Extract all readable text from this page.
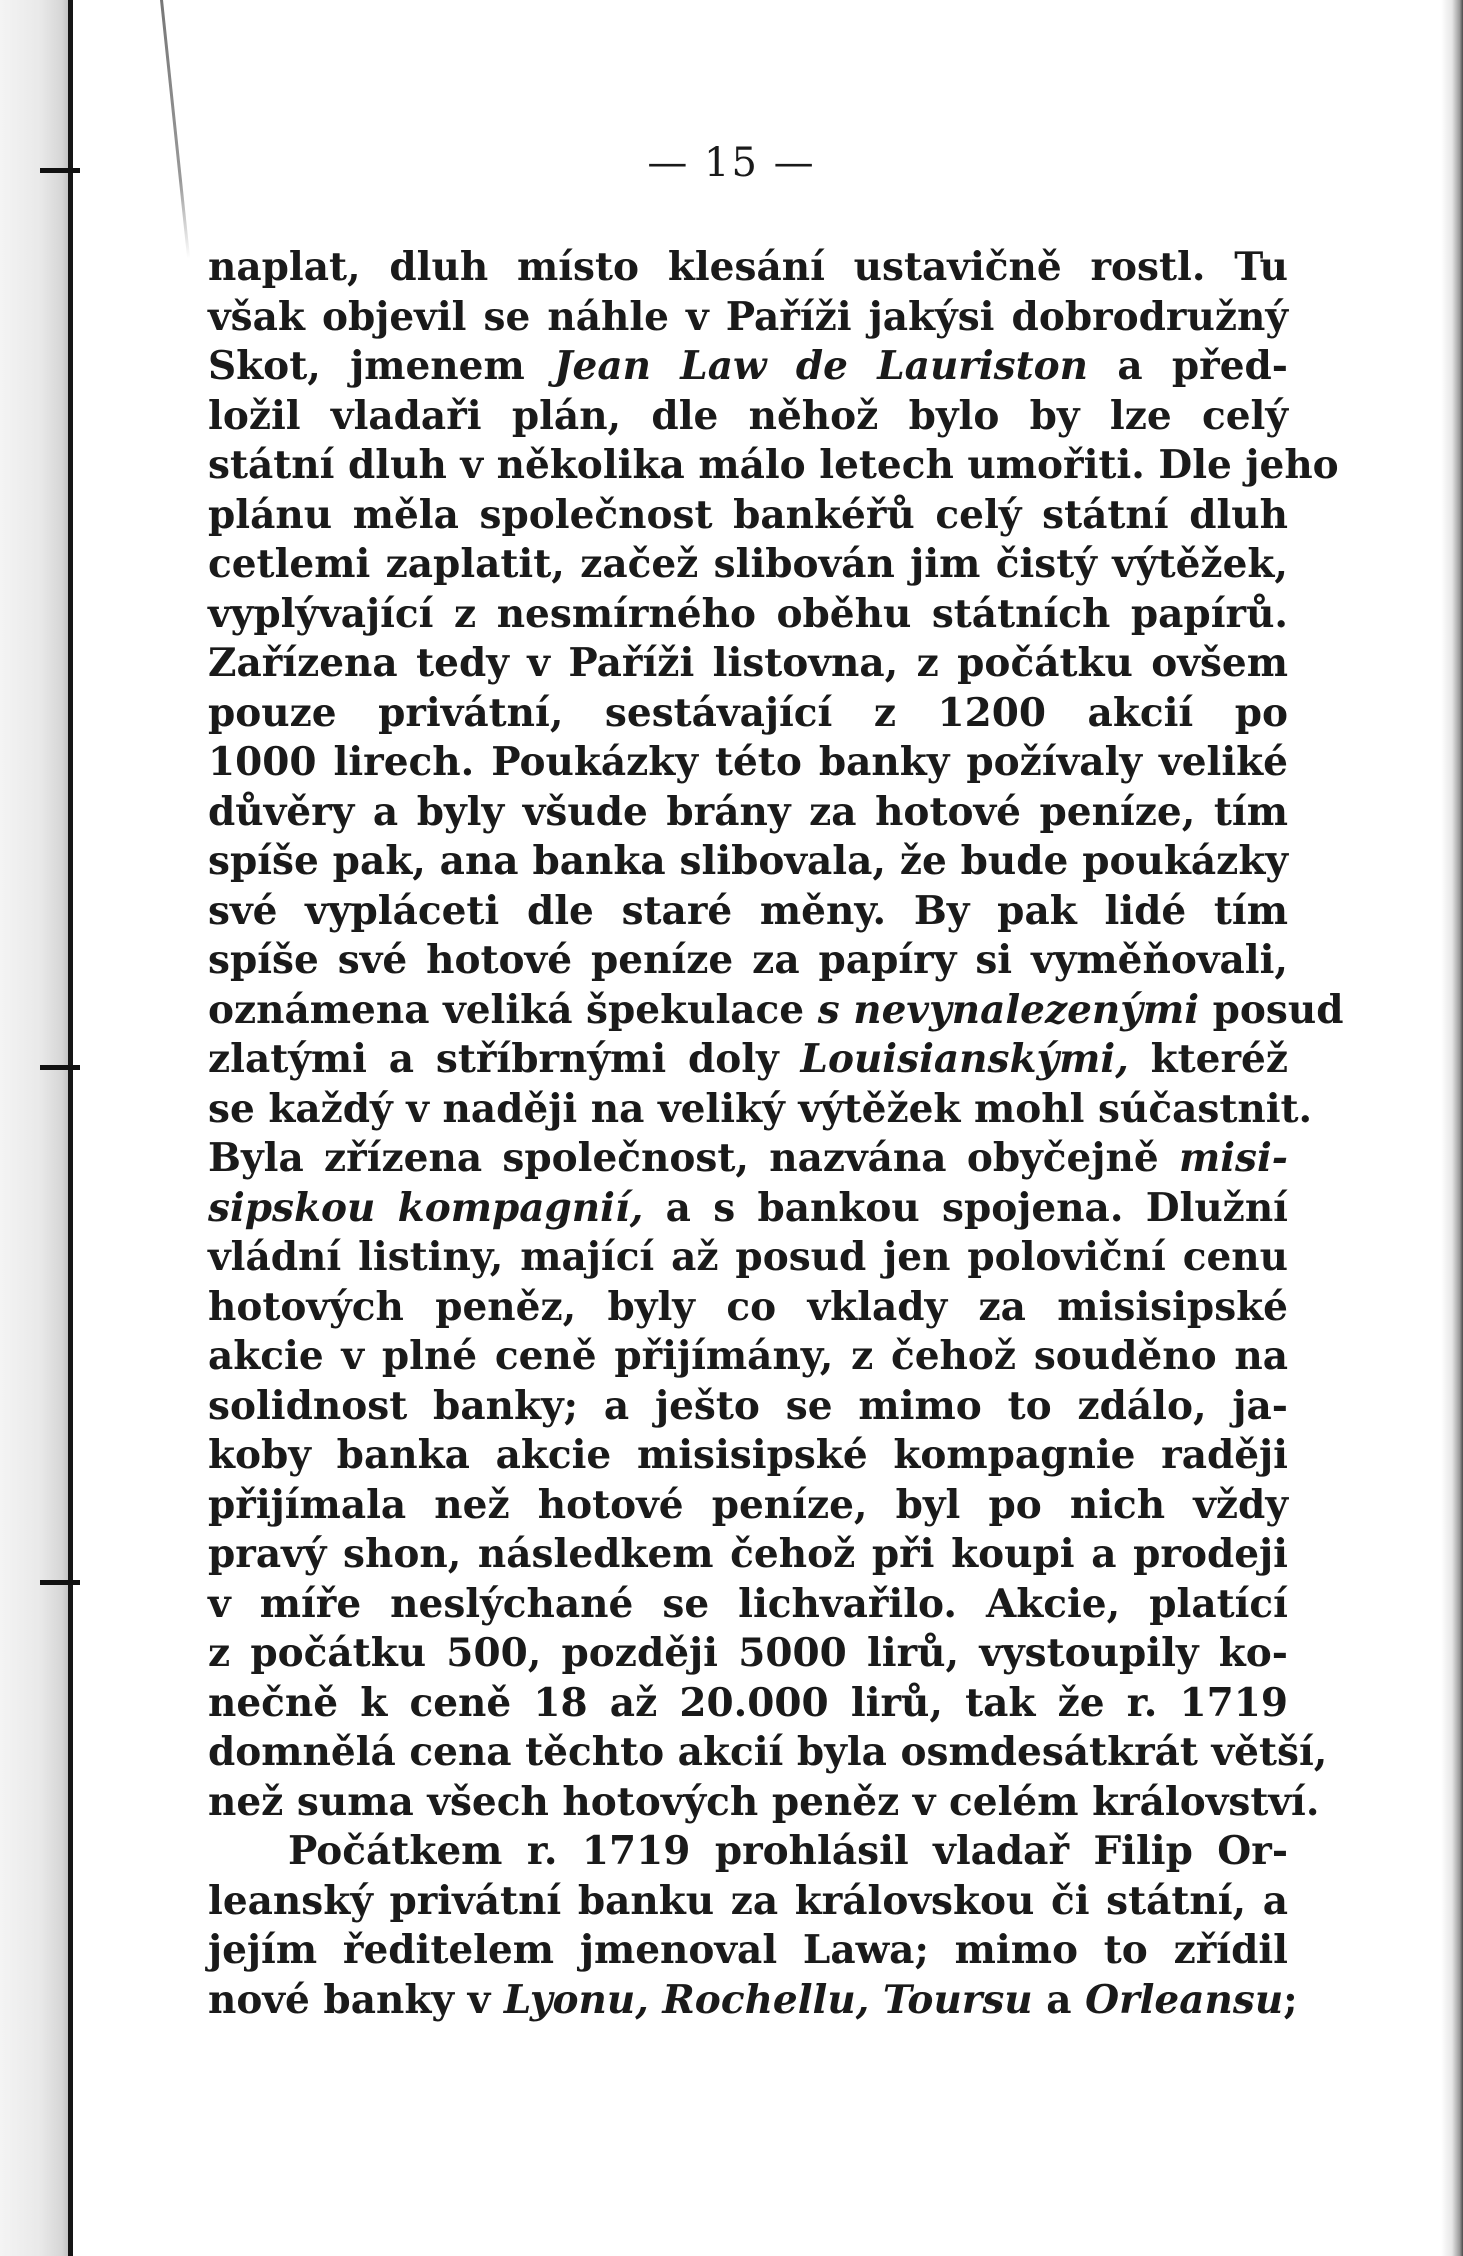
— 15 —
naplat, dluh místo klesání ustavičně rostl. Tu
však objevil se náhle v Paříži jakýsi dobrodružný
Skot, jmenem Jean Law de Lauriston a před-
ložil vladaři plán, dle něhož bylo by lze celý
státní dluh v několika málo letech umořiti. Dle jeho
plánu měla společnost bankéřů celý státní dluh
cetlemi zaplatit, začež slibován jim čistý výtěžek,
vyplývající z nesmírného oběhu státních papírů.
Zařízena tedy v Paříži listovna, z počátku ovšem
pouze privátní, sestávající z 1200 akcií po
1000 lirech. Poukázky této banky požívaly veliké
důvěry a byly všude brány za hotové peníze, tím
spíše pak, ana banka slibovala, že bude poukázky
své vypláceti dle staré měny. By pak lidé tím
spíše své hotové peníze za papíry si vyměňovali,
oznámena veliká špekulace s nevynalezenými posud
zlatými a stříbrnými doly Louisianskými, kteréž
se každý v naději na veliký výtěžek mohl súčastnit.
Byla zřízena společnost, nazvána obyčejně misi-
sipskou kompagnií, a s bankou spojena. Dlužní
vládní listiny, mající až posud jen poloviční cenu
hotových peněz, byly co vklady za misisipské
akcie v plné ceně přijímány, z čehož souděno na
solidnost banky; a ješto se mimo to zdálo, ja-
koby banka akcie misisipské kompagnie raději
přijímala než hotové peníze, byl po nich vždy
pravý shon, následkem čehož při koupi a prodeji
v míře neslýchané se lichvařilo. Akcie, platící
z počátku 500, později 5000 lirů, vystoupily ko-
nečně k ceně 18 až 20.000 lirů, tak že r. 1719
domnělá cena těchto akcií byla osmdesátkrát větší,
než suma všech hotových peněz v celém království.
Počátkem r. 1719 prohlásil vladař Filip Or-
leanský privátní banku za královskou či státní, a
jejím ředitelem jmenoval Lawa; mimo to zřídil
nové banky v Lyonu, Rochellu, Toursu a Orleansu;
